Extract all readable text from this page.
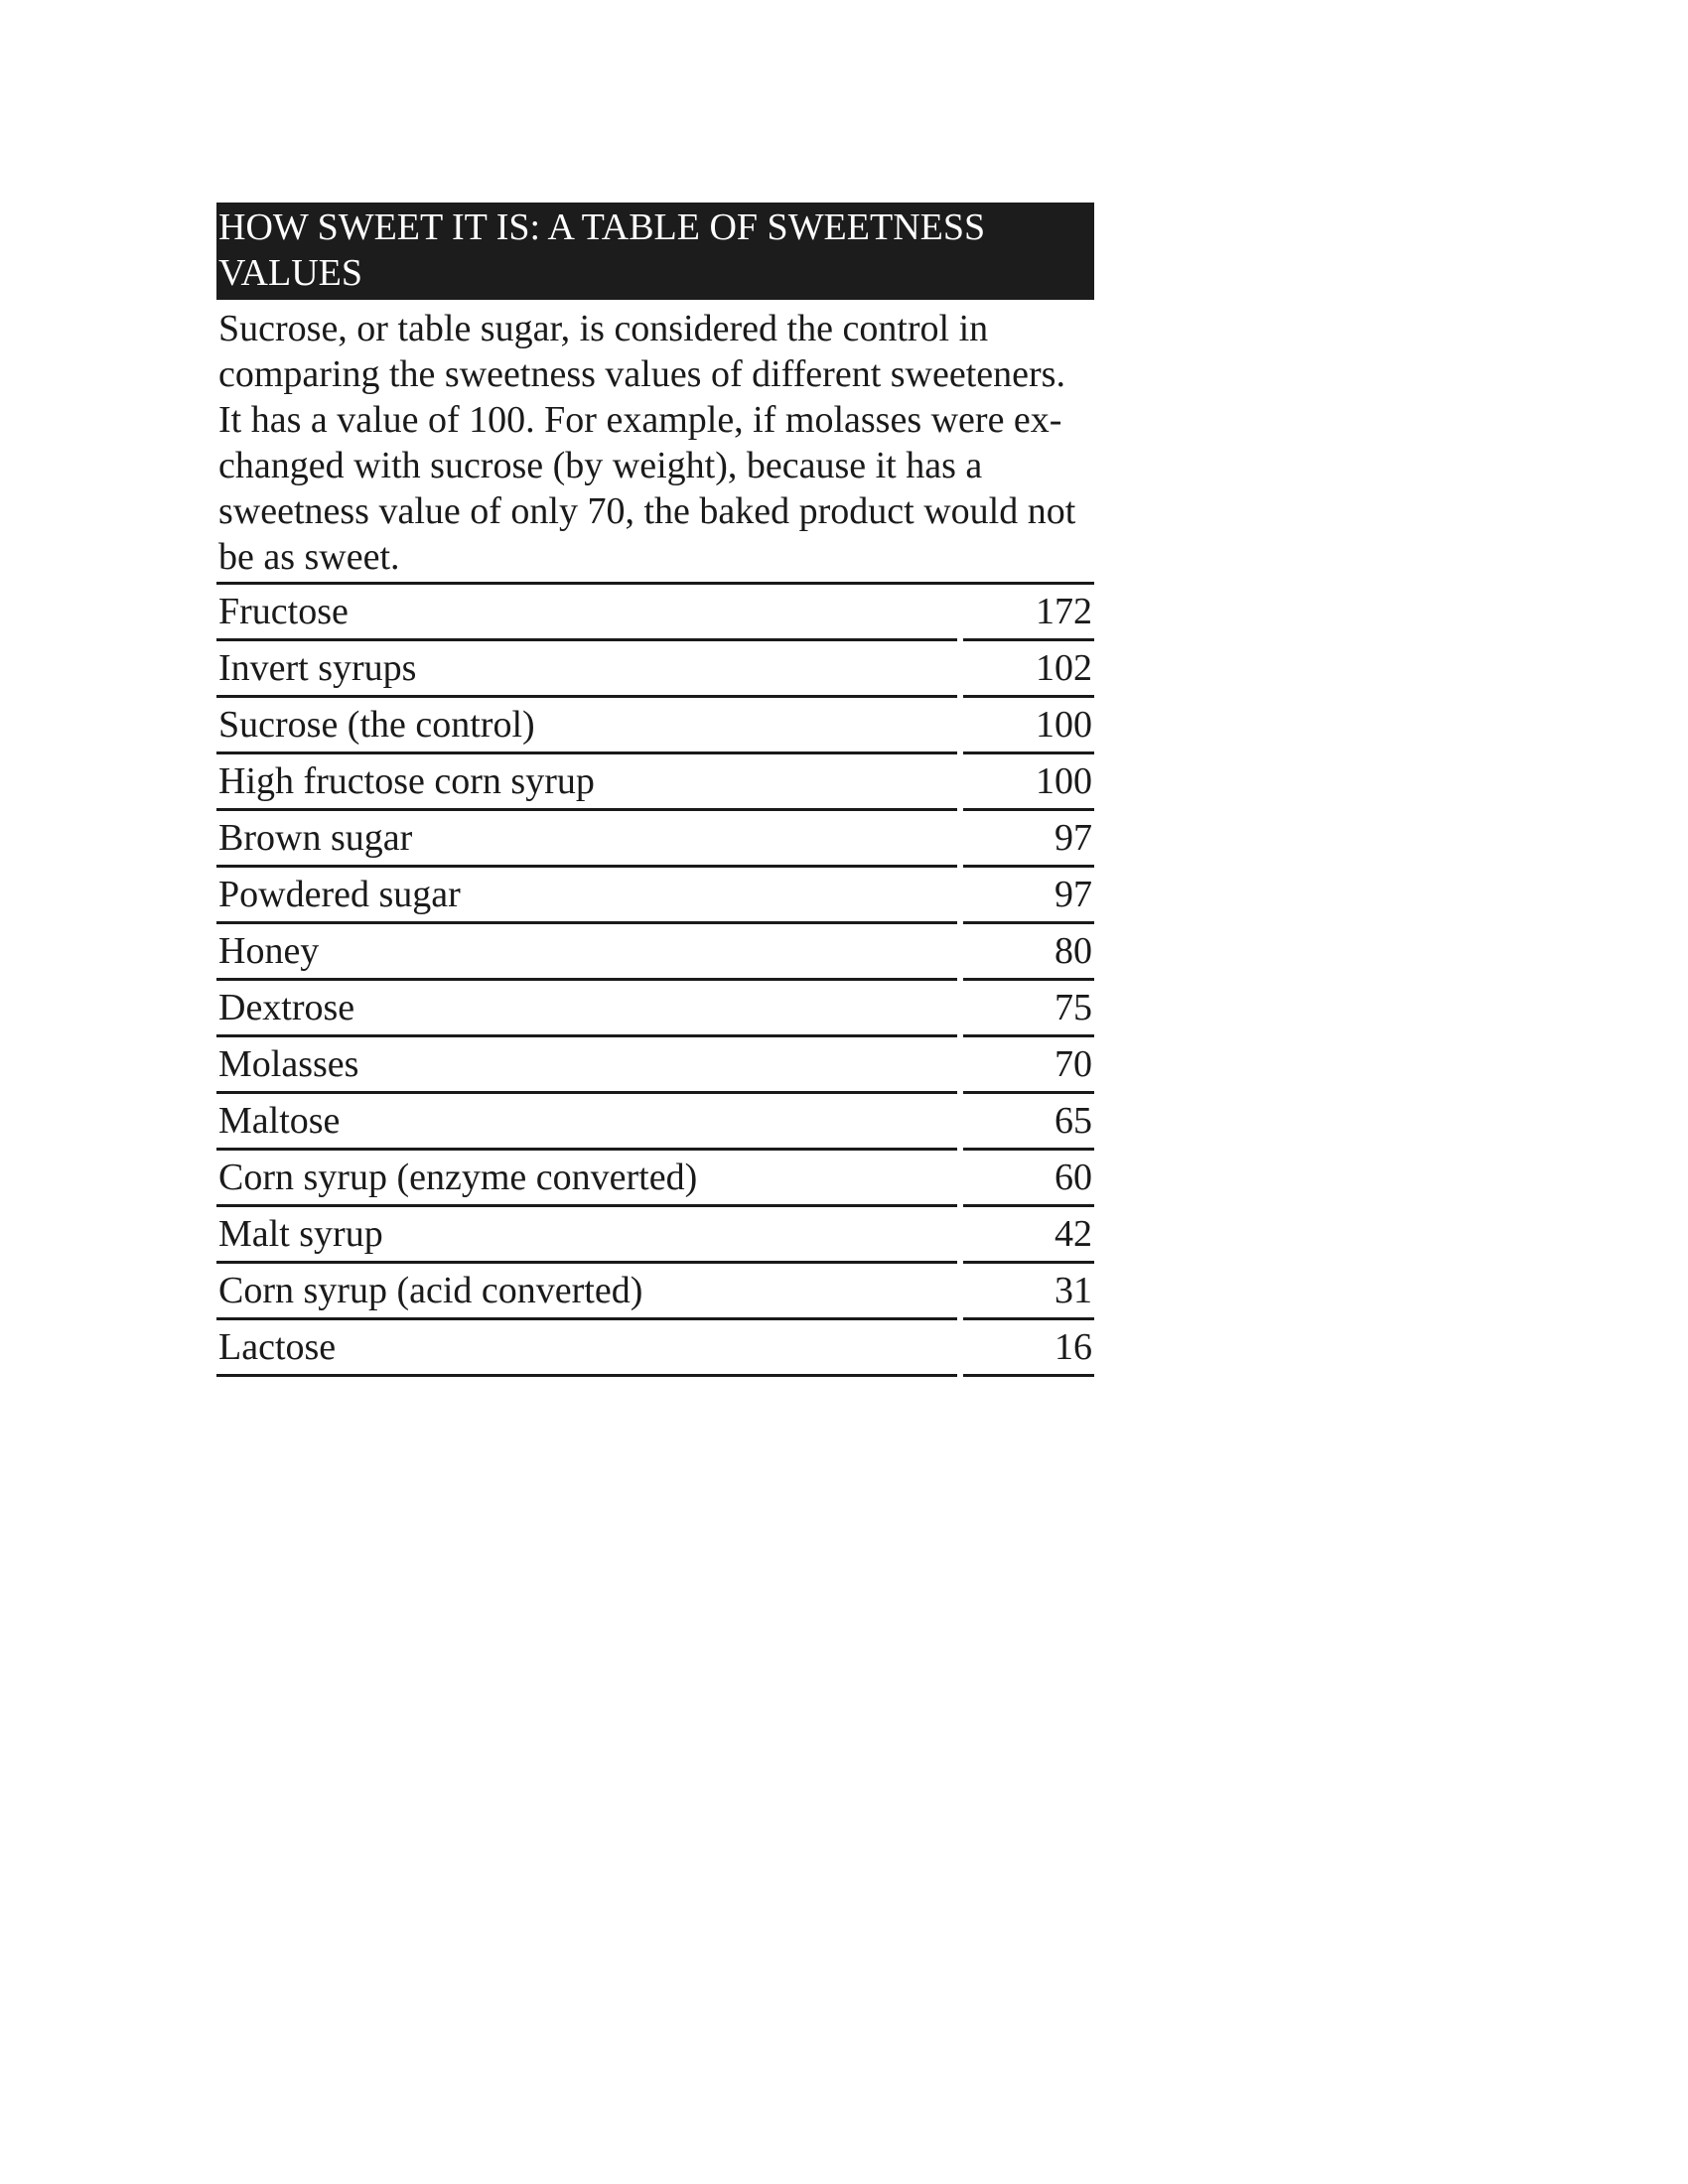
HOW SWEET IT IS: A TABLE OF SWEETNESS VALUES
Sucrose, or table sugar, is considered the control in comparing the sweetness values of different sweeteners. It has a value of 100. For example, if molasses were ex-changed with sucrose (by weight), because it has a sweetness value of only 70, the baked product would not be as sweet.
Fructose		172
Invert syrups		102
Sucrose (the control)		100
High fructose corn syrup		100
Brown sugar		97
Powdered sugar		97
Honey		80
Dextrose		75
Molasses		70
Maltose		65
Corn syrup (enzyme converted)		60
Malt syrup		42
Corn syrup (acid converted)		31
Lactose		16
